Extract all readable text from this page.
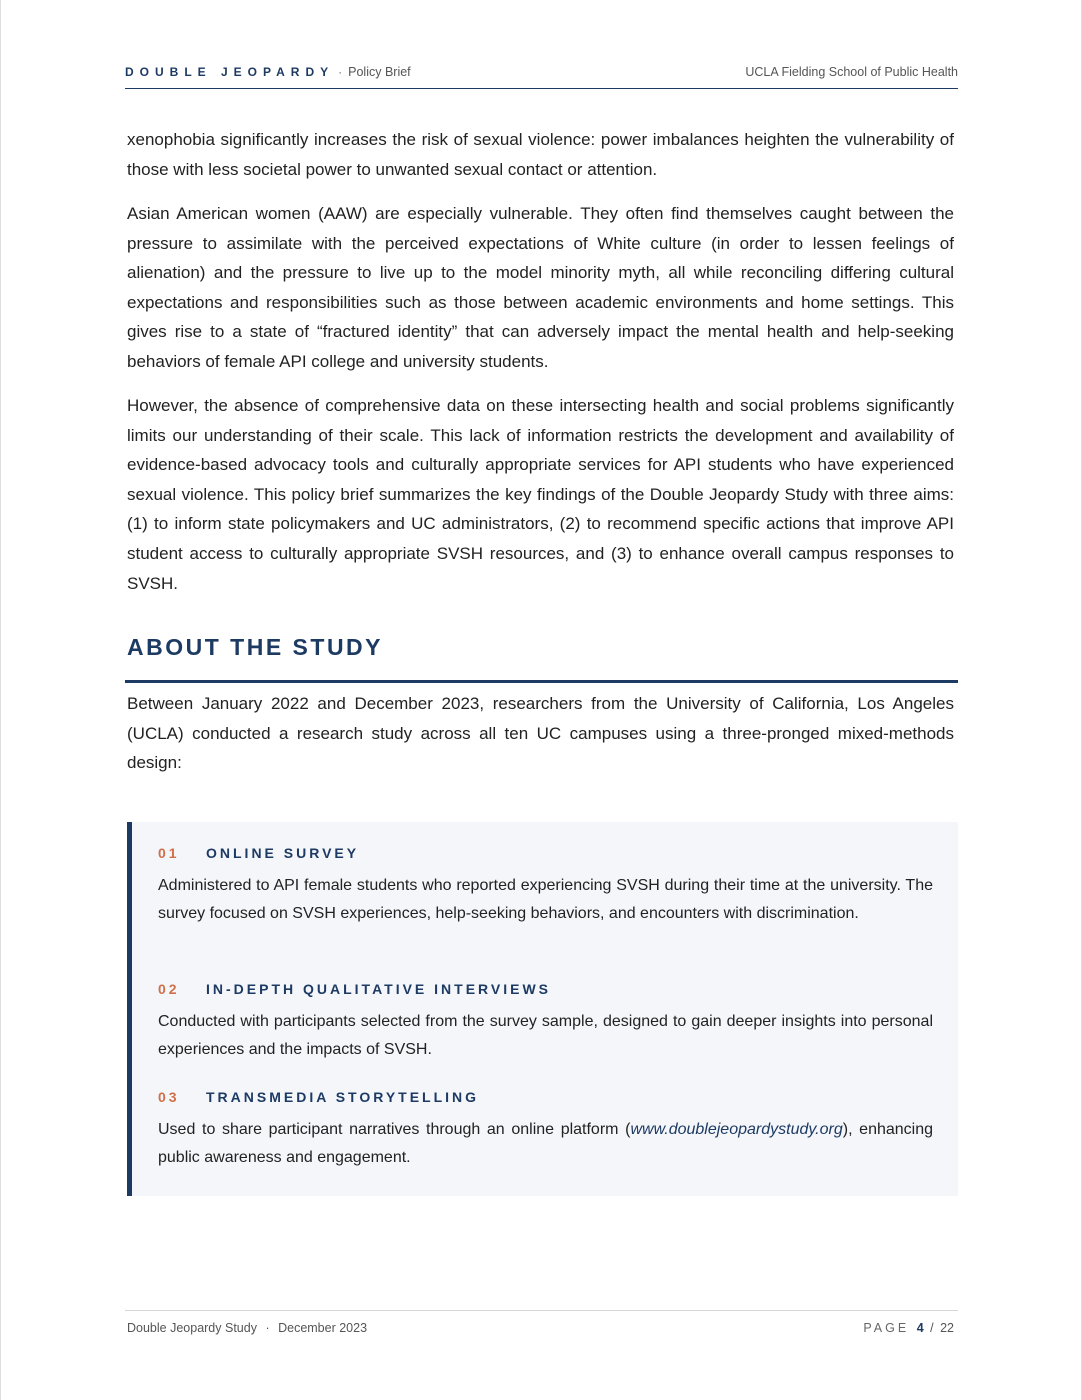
DOUBLE JEOPARDY · Policy Brief	UCLA Fielding School of Public Health

xenophobia significantly increases the risk of sexual violence: power imbalances heighten the vulnerability of those with less societal power to unwanted sexual contact or attention.

Asian American women (AAW) are especially vulnerable. They often find themselves caught between the pressure to assimilate with the perceived expectations of White culture (in order to lessen feelings of alienation) and the pressure to live up to the model minority myth, all while reconciling differing cultural expectations and responsibilities such as those between academic environments and home settings. This gives rise to a state of “fractured identity” that can adversely impact the mental health and help-seeking behaviors of female API college and university students.

However, the absence of comprehensive data on these intersecting health and social problems significantly limits our understanding of their scale. This lack of information restricts the development and availability of evidence-based advocacy tools and culturally appropriate services for API students who have experienced sexual violence. This policy brief summarizes the key findings of the Double Jeopardy Study with three aims: (1) to inform state policymakers and UC administrators, (2) to recommend specific actions that improve API student access to culturally appropriate SVSH resources, and (3) to enhance overall campus responses to SVSH.

ABOUT THE STUDY

Between January 2022 and December 2023, researchers from the University of California, Los Angeles (UCLA) conducted a research study across all ten UC campuses using a three-pronged mixed-methods design:

01	ONLINE SURVEY

Administered to API female students who reported experiencing SVSH during their time at the university. The survey focused on SVSH experiences, help-seeking behaviors, and encounters with discrimination.

02	IN-DEPTH QUALITATIVE INTERVIEWS

Conducted with participants selected from the survey sample, designed to gain deeper insights into personal experiences and the impacts of SVSH.

03	TRANSMEDIA STORYTELLING

Used to share participant narratives through an online platform (www.doublejeopardystudy.org), enhancing public awareness and engagement.

Double Jeopardy Study · December 2023	PAGE 4 / 22
